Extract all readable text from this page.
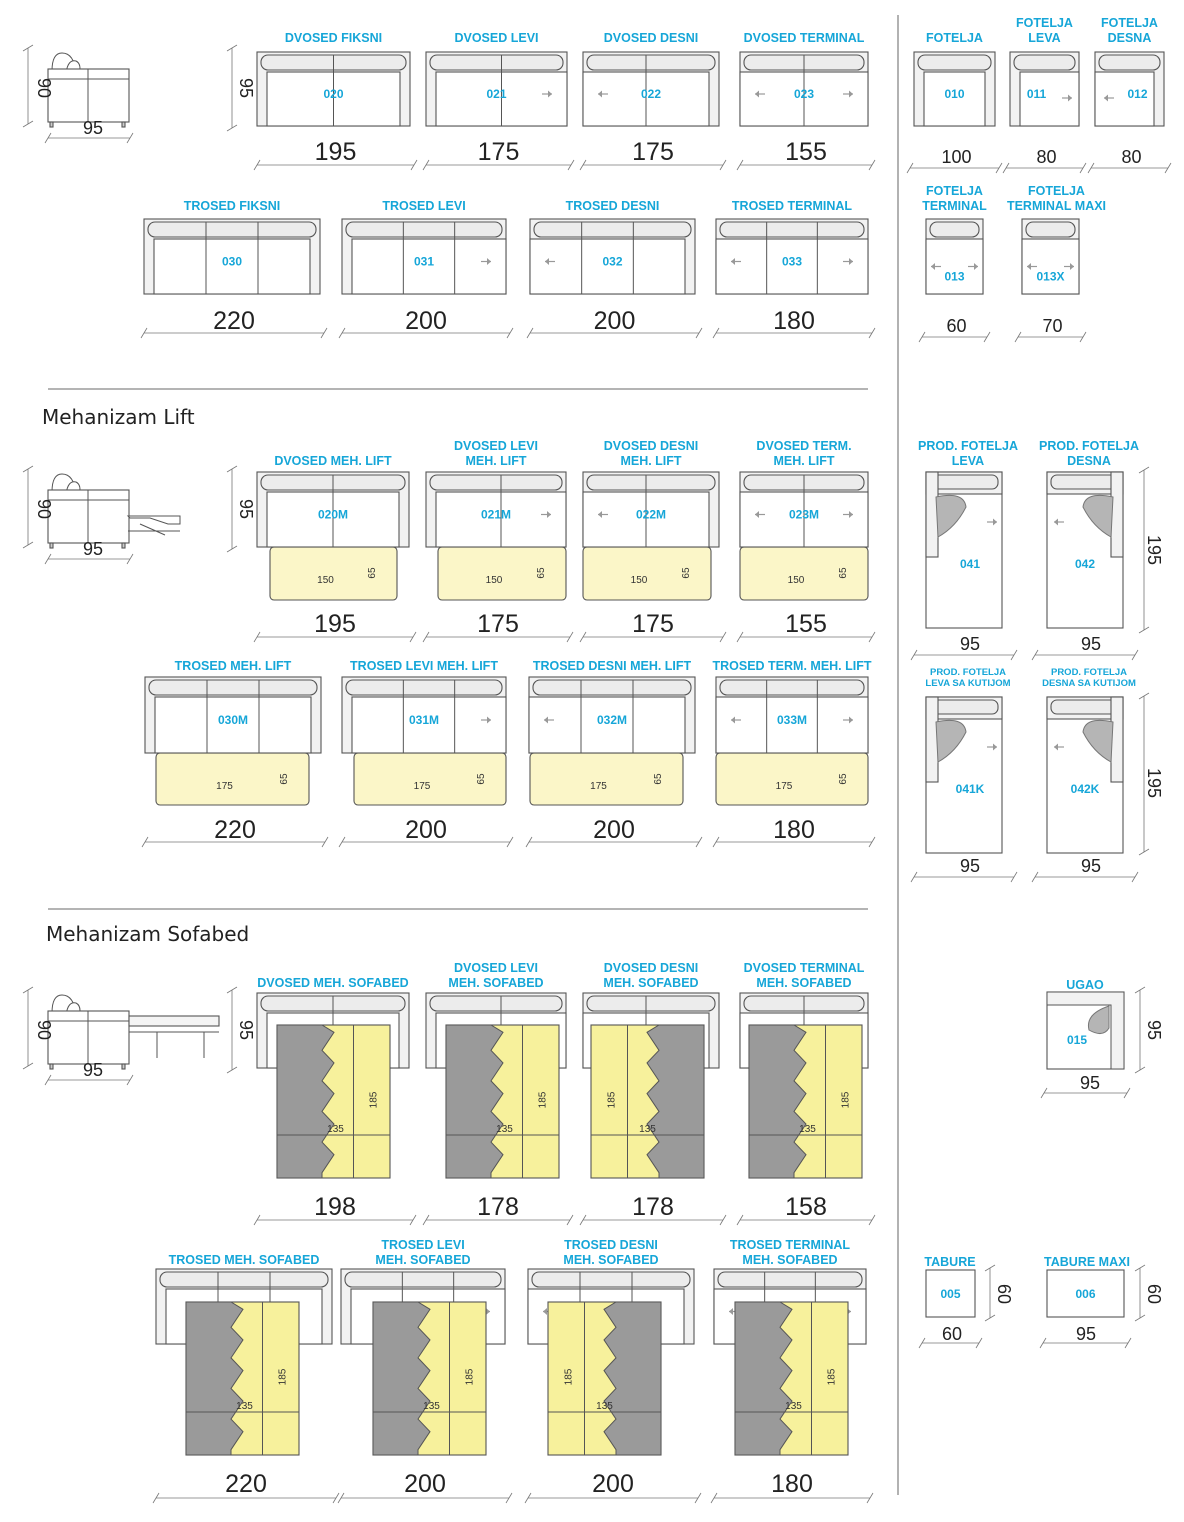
Mehanizam Lift
Mehanizam Sofabed
90
95
90
95
90
95
DVOSED FIKSNI
020
195
DVOSED LEVI
021
175
DVOSED DESNI
022
175
DVOSED TERMINAL
023
155
TROSED FIKSNI
030
220
TROSED LEVI
031
200
TROSED DESNI
032
200
TROSED TERMINAL
033
180
95
150
65
150
65
150
65
150
65
DVOSED MEH. LIFT
020M
195
DVOSED LEVI
MEH. LIFT
021M
175
DVOSED DESNI
MEH. LIFT
022M
175
DVOSED TERM.
MEH. LIFT
023M
155
175
65
175
65
175
65
175
65
TROSED MEH. LIFT
030M
220
TROSED LEVI MEH. LIFT
031M
200
TROSED DESNI MEH. LIFT
032M
200
TROSED TERM. MEH. LIFT
033M
180
95
DVOSED MEH. SOFABED
198
DVOSED LEVI
MEH. SOFABED
178
DVOSED DESNI
MEH. SOFABED
178
DVOSED TERMINAL
MEH. SOFABED
158
185
135
185
135
185
135
185
135
TROSED MEH. SOFABED
220
TROSED LEVI
MEH. SOFABED
200
TROSED DESNI
MEH. SOFABED
200
TROSED TERMINAL
MEH. SOFABED
180
185
135
185
135
185
135
185
135
95
FOTELJA
010
100
FOTELJA
LEVA
011
80
FOTELJA
DESNA
012
80
FOTELJA
TERMINAL
013
60
FOTELJA
TERMINAL MAXI
013X
70
PROD. FOTELJA
LEVA
041
95
PROD. FOTELJA
DESNA
042
95
PROD. FOTELJA
LEVA SA KUTIJOM
041K
95
PROD. FOTELJA
DESNA SA KUTIJOM
042K
95
195
195
UGAO
015
95
95
TABURE
005
60
60
TABURE MAXI
006
95
60
